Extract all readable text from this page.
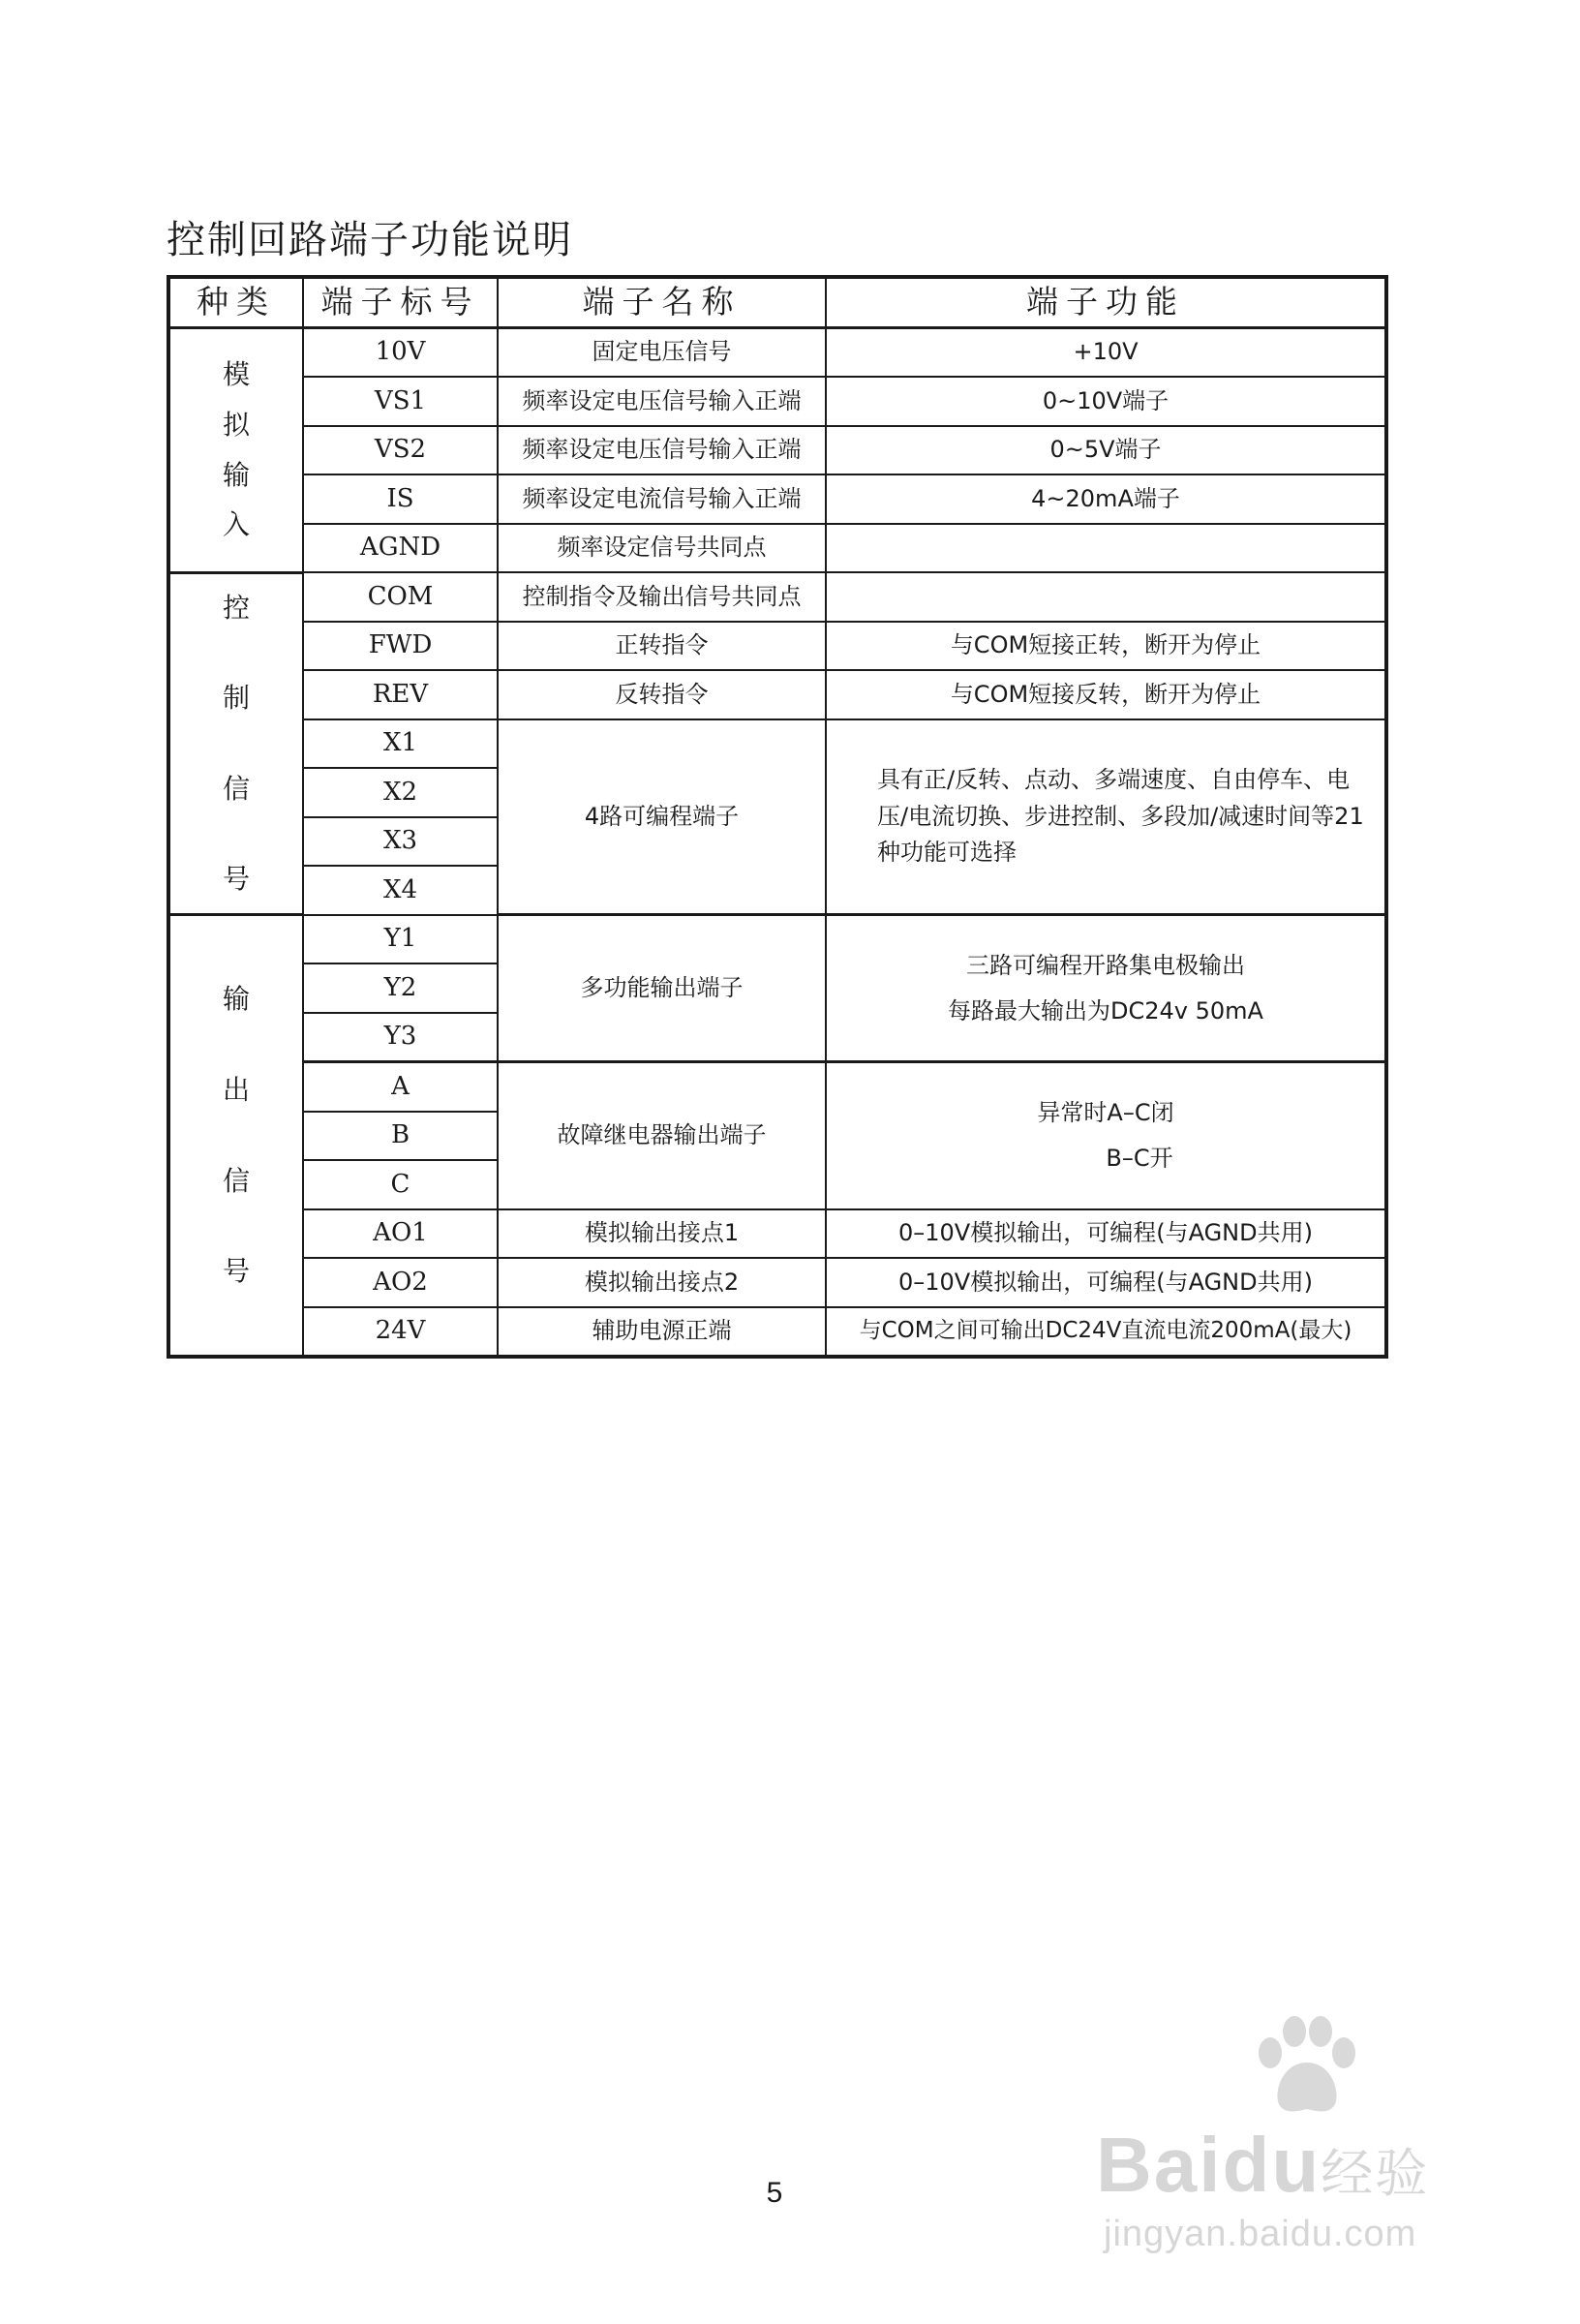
控制回路端子功能说明
种类	端子标号	端子名称	端子功能

模
拟
输
入	10V	固定电压信号	+10V
	VS1	频率设定电压信号输入正端	0~10V端子
	VS2	频率设定电压信号输入正端	0~5V端子
	IS	频率设定电流信号输入正端	4~20mA端子
	AGND	频率设定信号共同点	

控
制
信
号	COM	控制指令及输出信号共同点	
	FWD	正转指令	与COM短接正转，断开为停止
	REV	反转指令	与COM短接反转，断开为停止
	X1	4路可编程端子	具有正/反转、点动、多端速度、自由停车、电压/电流切换、步进控制、多段加/减速时间等21种功能可选择
	X2		
	X3		
	X4		

输
出
信
号	Y1	多功能输出端子	三路可编程开路集电极输出
每路最大输出为DC24v 50mA

	Y2		
	Y3		
	A	故障继电器输出端子	异常时A–C闭
B–C开

	B		
	C		
	AO1	模拟输出接点1	0–10V模拟输出，可编程(与AGND共用)
	AO2	模拟输出接点2	0–10V模拟输出，可编程(与AGND共用)
	24V	辅助电源正端	与COM之间可输出DC24V直流电流200mA(最大)
5	Baidu经验
jingyan.baidu.com
